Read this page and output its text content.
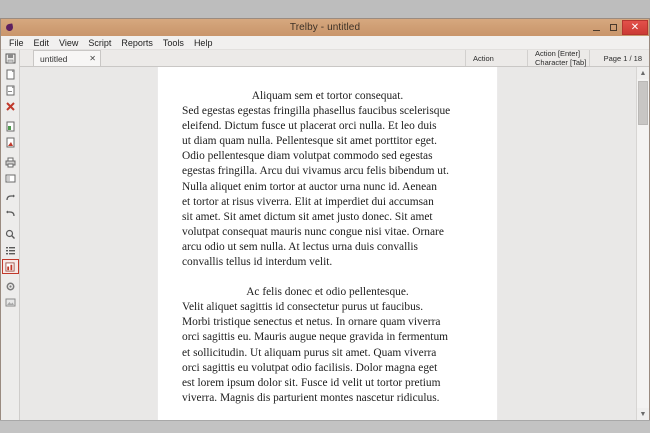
Trelby - untitled	✕
File	Edit	View	Script	Reports	Tools	Help
untitled	✕	Action
Action [Enter]
Character [Tab]	Page 1 / 18
Aliquam sem et tortor consequat.
Sed egestas egestas fringilla phasellus faucibus scelerisque
eleifend. Dictum fusce ut placerat orci nulla. Et leo duis
ut diam quam nulla. Pellentesque sit amet porttitor eget.
Odio pellentesque diam volutpat commodo sed egestas
egestas fringilla. Arcu dui vivamus arcu felis bibendum ut.
Nulla aliquet enim tortor at auctor urna nunc id. Aenean
et tortor at risus viverra. Elit at imperdiet dui accumsan
sit amet. Sit amet dictum sit amet justo donec. Sit amet
volutpat consequat mauris nunc congue nisi vitae. Ornare
arcu odio ut sem nulla. At lectus urna duis convallis
convallis tellus id interdum velit.
Ac felis donec et odio pellentesque.
Velit aliquet sagittis id consectetur purus ut faucibus.
Morbi tristique senectus et netus. In ornare quam viverra
orci sagittis eu. Mauris augue neque gravida in fermentum
et sollicitudin. Ut aliquam purus sit amet. Quam viverra
orci sagittis eu volutpat odio facilisis. Dolor magna eget
est lorem ipsum dolor sit. Fusce id velit ut tortor pretium
viverra. Magnis dis parturient montes nascetur ridiculus.
▲
▼
